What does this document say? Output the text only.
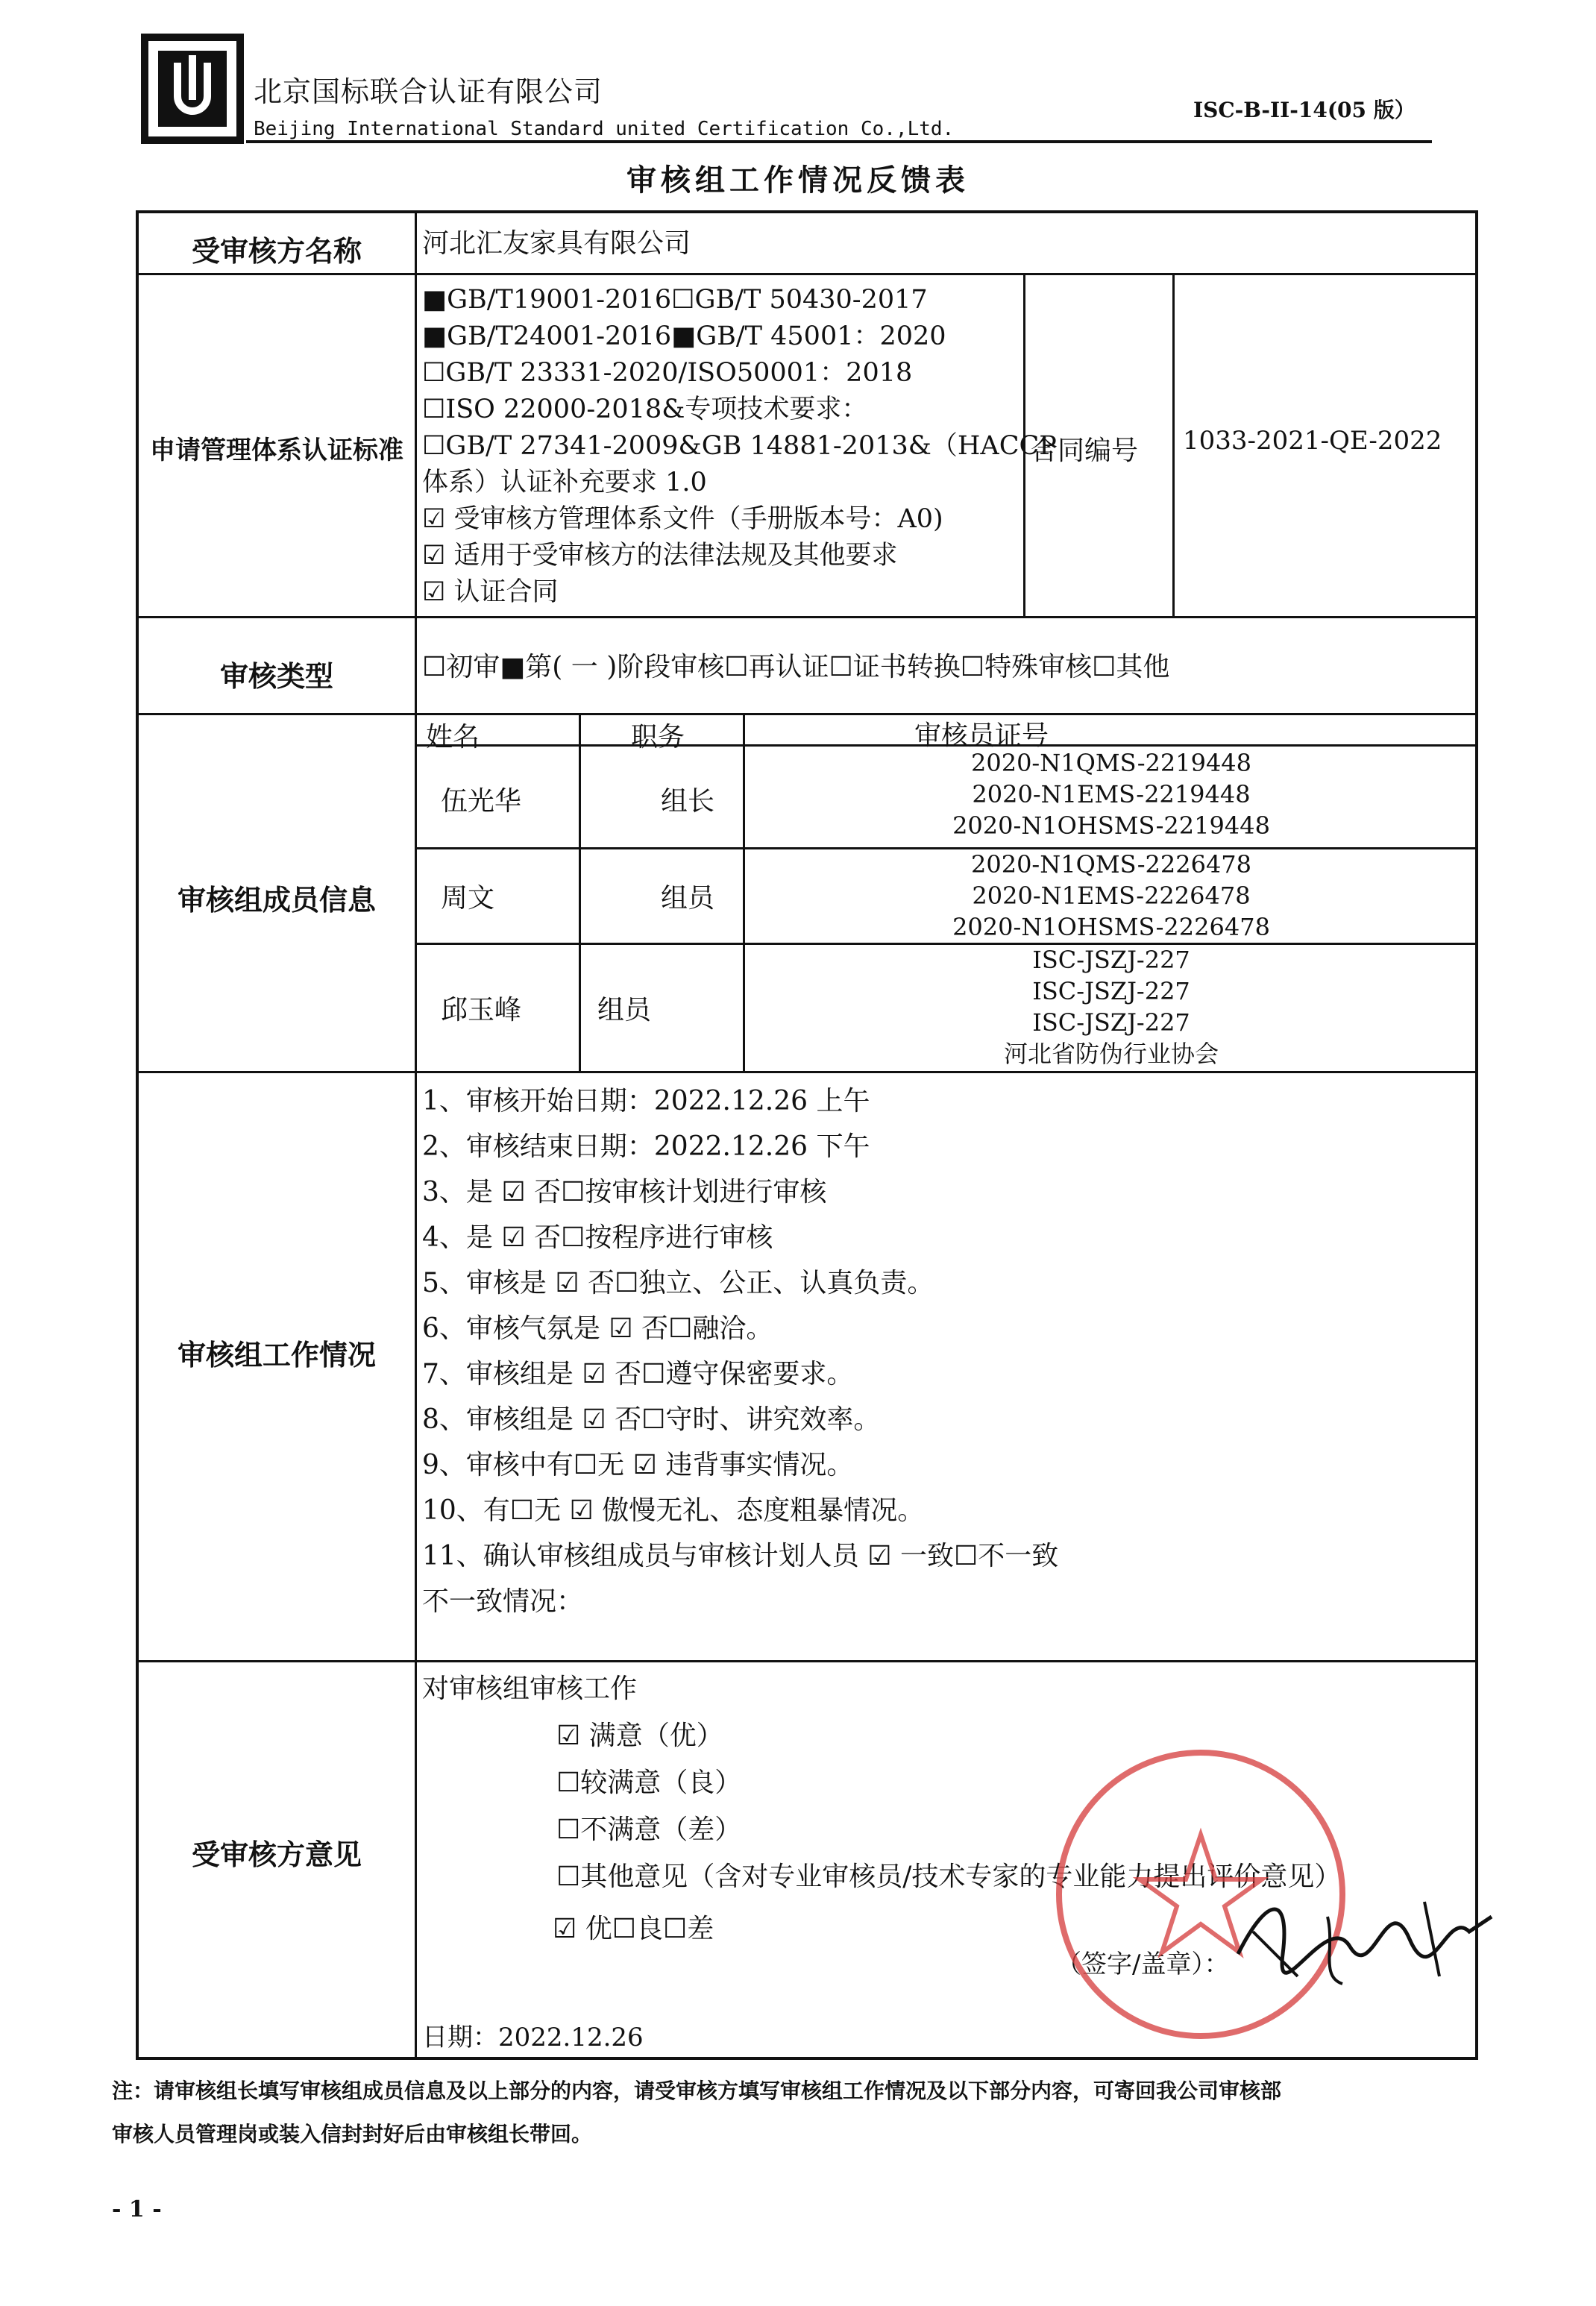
北京国标联合认证有限公司
Beijing International Standard united Certification Co.,Ltd.
ISC-B-II-14(05 版）
审核组工作情况反馈表
受审核方名称	河北汇友家具有限公司
申请管理体系认证标准
■GB/T19001-2016☐GB/T 50430-2017
■GB/T24001-2016■GB/T 45001：2020
☐GB/T 23331-2020/ISO50001：2018
☐ISO 22000-2018&专项技术要求：
☐GB/T 27341-2009&GB 14881-2013&（HACCP
体系）认证补充要求 1.0
☑ 受审核方管理体系文件（手册版本号：A0)
☑ 适用于受审核方的法律法规及其他要求
☑ 认证合同
合同编号 1033-2021-QE-2022
审核类型	☐初审■第( 一 )阶段审核☐再认证☐证书转换☐特殊审核☐其他
审核组成员信息
姓名	职务	审核员证号
伍光华	组长
2020-N1QMS-2219448
2020-N1EMS-2219448
2020-N1OHSMS-2219448
周文	组员
2020-N1QMS-2226478
2020-N1EMS-2226478
2020-N1OHSMS-2226478
邱玉峰	组员
ISC-JSZJ-227
ISC-JSZJ-227
ISC-JSZJ-227
河北省防伪行业协会
审核组工作情况
1、审核开始日期：2022.12.26 上午
2、审核结束日期：2022.12.26 下午
3、是 ☑ 否☐按审核计划进行审核
4、是 ☑ 否☐按程序进行审核
5、审核是 ☑ 否☐独立、公正、认真负责。
6、审核气氛是 ☑ 否☐融洽。
7、审核组是 ☑ 否☐遵守保密要求。
8、审核组是 ☑ 否☐守时、讲究效率。
9、审核中有☐无 ☑ 违背事实情况。
10、有☐无 ☑ 傲慢无礼、态度粗暴情况。
11、确认审核组成员与审核计划人员 ☑ 一致☐不一致
不一致情况：
受审核方意见
对审核组审核工作
☑ 满意（优）
☐较满意（良）
☐不满意（差）
☐其他意见（含对专业审核员/技术专家的专业能力提出评价意见）
☑ 优☐良☐差
（签字/盖章）：
日期：2022.12.26
注：请审核组长填写审核组成员信息及以上部分的内容，请受审核方填写审核组工作情况及以下部分内容，可寄回我公司审核部
审核人员管理岗或装入信封封好后由审核组长带回。
- 1 -
